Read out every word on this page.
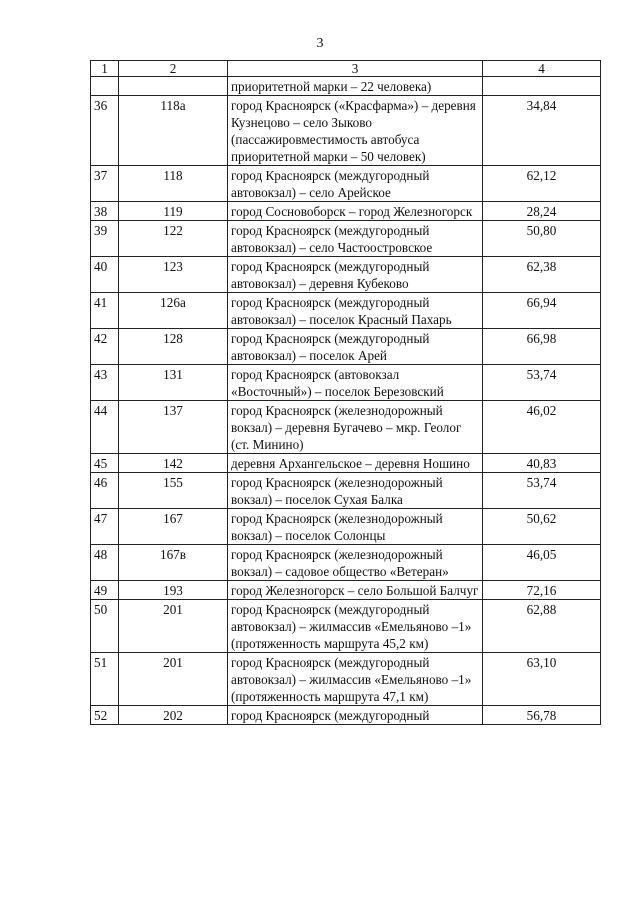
3
1	2	3	4
		приоритетной марки – 22 человека)	
36	118а	город Красноярск («Красфарма») – деревня Кузнецово – село Зыково (пассажировместимость автобуса приоритетной марки – 50 человек)	34,84
37	118	город Красноярск (междугородный автовокзал) – село Арейское	62,12
38	119	город Сосновоборск – город Железногорск	28,24
39	122	город Красноярск (междугородный автовокзал) – село Частоостровское	50,80
40	123	город Красноярск (междугородный автовокзал) – деревня Кубеково	62,38
41	126а	город Красноярск (междугородный автовокзал) – поселок Красный Пахарь	66,94
42	128	город Красноярск (междугородный автовокзал) – поселок Арей	66,98
43	131	город Красноярск (автовокзал «Восточный») – поселок Березовский	53,74
44	137	город Красноярск (железнодорожный вокзал) – деревня Бугачево – мкр. Геолог (ст. Минино)	46,02
45	142	деревня Архангельское – деревня Ношино	40,83
46	155	город Красноярск (железнодорожный вокзал) – поселок Сухая Балка	53,74
47	167	город Красноярск (железнодорожный вокзал) – поселок Солонцы	50,62
48	167в	город Красноярск (железнодорожный вокзал) – садовое общество «Ветеран»	46,05
49	193	город Железногорск – село Большой Балчуг	72,16
50	201	город Красноярск (междугородный автовокзал) – жилмассив «Емельяново –1» (протяженность маршрута 45,2 км)	62,88
51	201	город Красноярск (междугородный автовокзал) – жилмассив «Емельяново –1» (протяженность маршрута 47,1 км)	63,10
52	202	город Красноярск (междугородный	56,78
